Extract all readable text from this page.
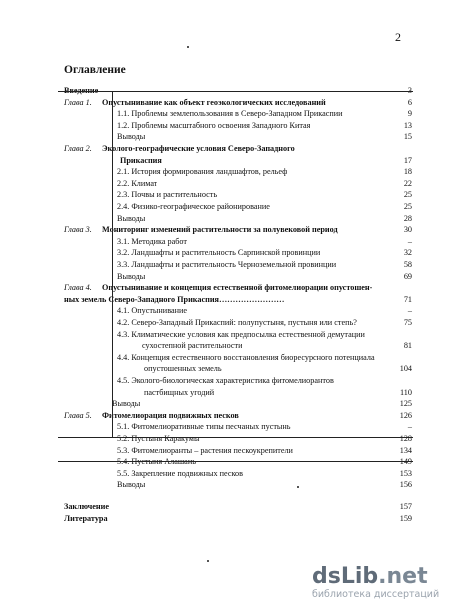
2
Оглавление
Введение	3
Глава 1. Опустынивание как объект геоэкологических исследований	6
1.1. Проблемы землепользования в Северо-Западном Прикаспии	9
1.2. Проблемы масштабного освоения Западного Китая	13
Выводы	15
Глава 2. Эколого-географические условия Северо-Западного
Прикаспия	17
2.1. История формирования ландшафтов, рельеф	18
2.2. Климат	22
2.3. Почвы и растительность	25
2.4. Физико-географическое районирование	25
Выводы	28
Глава 3. Мониторинг изменений растительности за полувековой период	30
3.1. Методика работ	–
3.2. Ландшафты и растительность Сарпинской провинции	32
3.3. Ландшафты и растительность Черноземельной провинции	58
Выводы	69
Глава 4. Опустынивание и концепция естественной фитомелиорации опустошен-
ных земель Северо-Западного Прикаспия……………………	71
4.1. Опустынивание	–
4.2. Северо-Западный Прикаспий: полупустыня, пустыня или степь?	75
4.3. Климатические условия как предпосылка естественной демутации
сухостепной растительности	81
4.4. Концепция естественного восстановления биоресурсного потенциала
опустошенных земель	104
4.5. Эколого-биологическая характеристика фитомелиорантов
пастбищных угодий	110
Выводы	125
Глава 5. Фитомелиорация подвижных песков	126
5.1. Фитомелиоративные типы песчаных пустынь	–
5.2. Пустыня Каракумы	128
5.3. Фитомелиоранты – растения пескоукрепители	134
5.4. Пустыня Алашань	149
5.5. Закрепление подвижных песков	153
Выводы	156
Заключение	157
Литература	159
dsLib.net
библиотека диссертаций
